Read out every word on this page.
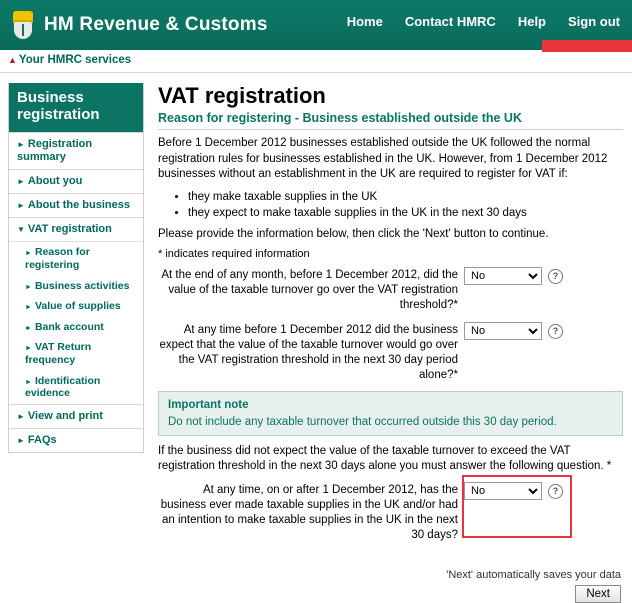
HM Revenue & Customs	Home Contact HMRC Help Sign out
▲ Your HMRC services
Business registration
► Registration summary
► About you
► About the business
▼ VAT registration
► Reason for registering
► Business activities
► Value of supplies
► Bank account
► VAT Return frequency
► Identification evidence
► View and print
► FAQs
VAT registration
Reason for registering - Business established outside the UK

Before 1 December 2012 businesses established outside the UK followed the normal registration rules for businesses established in the UK. However, from 1 December 2012 businesses without an establishment in the UK are required to register for VAT if:

• they make taxable supplies in the UK
• they expect to make taxable supplies in the UK in the next 30 days

Please provide the information below, then click the 'Next' button to continue.

* indicates required information
At the end of any month, before 1 December 2012, did the value of the taxable turnover go over the VAT registration threshold?*
No
?
At any time before 1 December 2012 did the business expect that the value of the taxable turnover would go over the VAT registration threshold in the next 30 day period alone?*
No
?
Important note
Do not include any taxable turnover that occurred outside this 30 day period.

If the business did not expect the value of the taxable turnover to exceed the VAT registration threshold in the next 30 days alone you must answer the following question. *

At any time, on or after 1 December 2012, has the business ever made taxable supplies in the UK and/or had an intention to make taxable supplies in the UK in the next 30 days?
No
?
'Next' automatically saves your data
Next
